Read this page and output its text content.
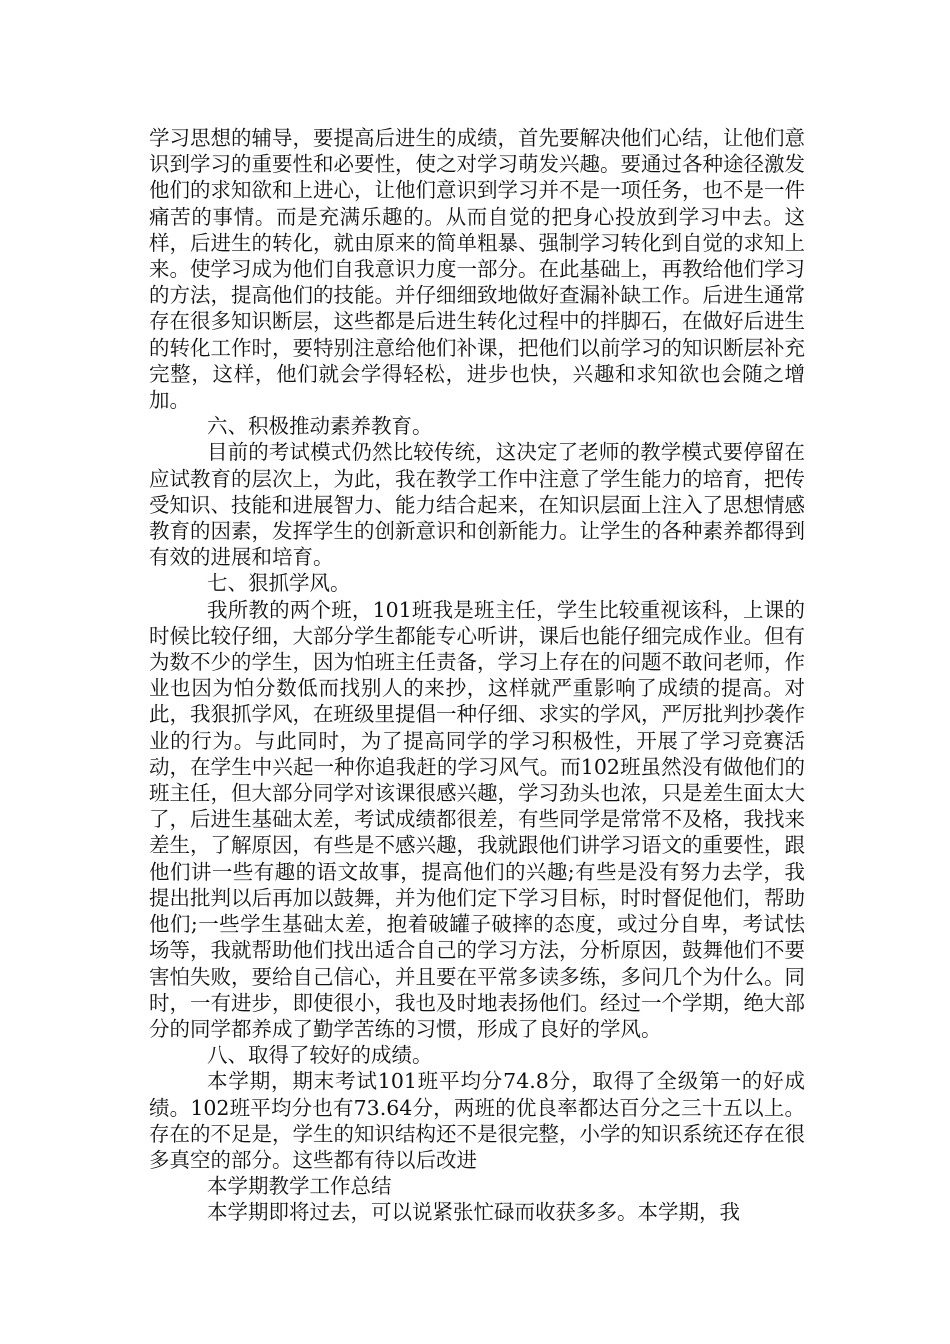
学习思想的辅导，要提高后进生的成绩，首先要解决他们心结，让他们意识到学习的重要性和必要性，使之对学习萌发兴趣。要通过各种途径激发他们的求知欲和上进心，让他们意识到学习并不是一项任务，也不是一件痛苦的事情。而是充满乐趣的。从而自觉的把身心投放到学习中去。这样，后进生的转化，就由原来的简单粗暴、强制学习转化到自觉的求知上来。使学习成为他们自我意识力度一部分。在此基础上，再教给他们学习的方法，提高他们的技能。并仔细细致地做好查漏补缺工作。后进生通常存在很多知识断层，这些都是后进生转化过程中的拌脚石，在做好后进生的转化工作时，要特别注意给他们补课，把他们以前学习的知识断层补充完整，这样，他们就会学得轻松，进步也快，兴趣和求知欲也会随之增加。

六、积极推动素养教育。

目前的考试模式仍然比较传统，这决定了老师的教学模式要停留在应试教育的层次上，为此，我在教学工作中注意了学生能力的培育，把传受知识、技能和进展智力、能力结合起来，在知识层面上注入了思想情感教育的因素，发挥学生的创新意识和创新能力。让学生的各种素养都得到有效的进展和培育。

七、狠抓学风。

我所教的两个班，101班我是班主任，学生比较重视该科，上课的时候比较仔细，大部分学生都能专心听讲，课后也能仔细完成作业。但有为数不少的学生，因为怕班主任责备，学习上存在的问题不敢问老师，作业也因为怕分数低而找别人的来抄，这样就严重影响了成绩的提高。对此，我狠抓学风，在班级里提倡一种仔细、求实的学风，严厉批判抄袭作业的行为。与此同时，为了提高同学的学习积极性，开展了学习竞赛活动，在学生中兴起一种你追我赶的学习风气。而102班虽然没有做他们的班主任，但大部分同学对该课很感兴趣，学习劲头也浓，只是差生面太大了，后进生基础太差，考试成绩都很差，有些同学是常常不及格，我找来差生，了解原因，有些是不感兴趣，我就跟他们讲学习语文的重要性，跟他们讲一些有趣的语文故事，提高他们的兴趣;有些是没有努力去学，我提出批判以后再加以鼓舞，并为他们定下学习目标，时时督促他们，帮助他们;一些学生基础太差，抱着破罐子破摔的态度，或过分自卑，考试怯场等，我就帮助他们找出适合自己的学习方法，分析原因，鼓舞他们不要害怕失败，要给自己信心，并且要在平常多读多练，多问几个为什么。同时，一有进步，即使很小，我也及时地表扬他们。经过一个学期，绝大部分的同学都养成了勤学苦练的习惯，形成了良好的学风。

八、取得了较好的成绩。

本学期，期末考试101班平均分74.8分，取得了全级第一的好成绩。102班平均分也有73.64分，两班的优良率都达百分之三十五以上。存在的不足是，学生的知识结构还不是很完整，小学的知识系统还存在很多真空的部分。这些都有待以后改进

本学期教学工作总结

本学期即将过去，可以说紧张忙碌而收获多多。本学期，我
